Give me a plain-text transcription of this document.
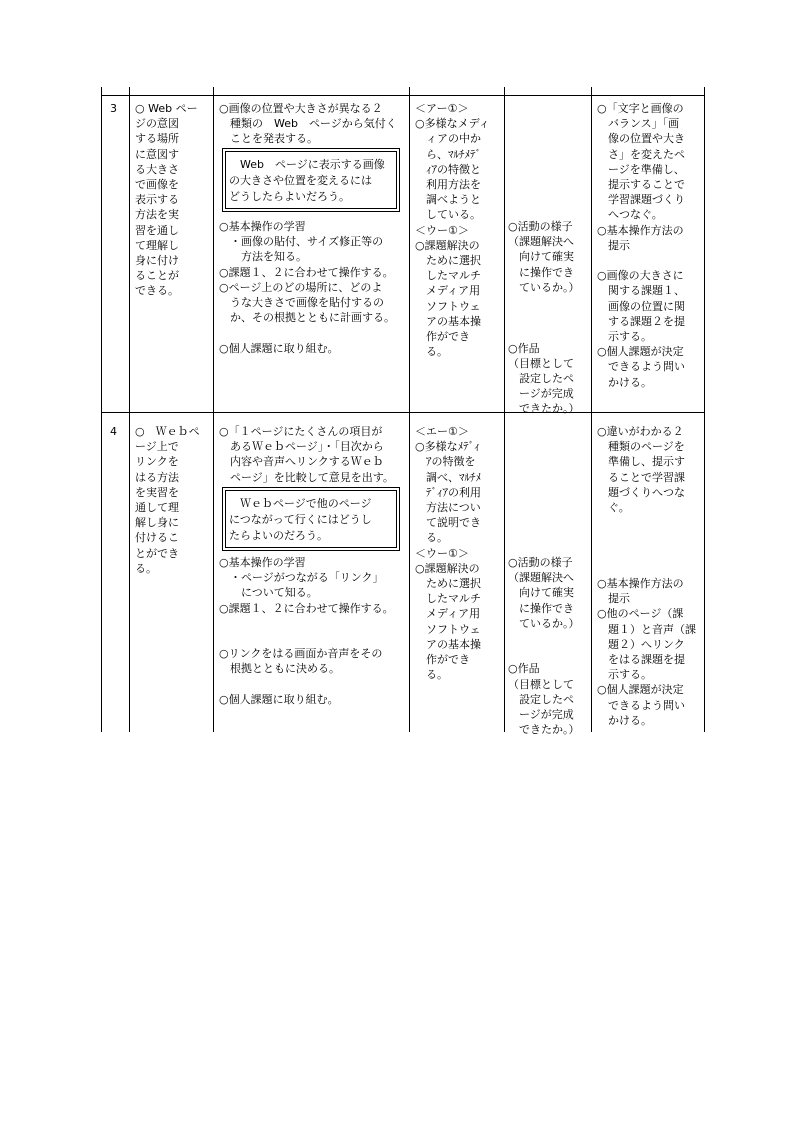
3 ○ Web ペー
ジの意図
する場所
に意図す
る大きさ
で画像を
表示する
方法を実
習を通し
て理解し
身に付け
ることが
できる。
○画像の位置や大きさが異なる２
　種類の　Web　ページから気付く
　ことを発表する。
　Web　ページに表示する画像
の大きさや位置を変えるには
どうしたらよいだろう。
○基本操作の学習
　・画像の貼付、サイズ修正等の
　　方法を知る。
○課題１、２に合わせて操作する。
○ページ上のどの場所に、どのよ
　うな大きさで画像を貼付するの
　か、その根拠とともに計画する。

○個人課題に取り組む。
＜アー①＞
○多様なメディ
　ィアの中か
　ら、ﾏﾙﾁﾒﾃﾞ
　ｨｱの特徴と
　利用方法を
　調べようと
　している。
＜ウー①＞
○課題解決の
　ために選択
　したマルチ
　メディア用
　ソフトウェ
　アの基本操
　作ができ
　る。
○活動の様子
（課題解決へ
　向けて確実
　に操作でき
　ているか。）

○作品
（目標として
　設定したペ
　ージが完成
　できたか。）
○「文字と画像の
　バランス」「画
　像の位置や大き
　さ」を変えたペ
　ージを準備し、
　提示することで
　学習課題づくり
　へつなぐ。
○基本操作方法の
　提示

○画像の大きさに
　関する課題１、
　画像の位置に関
　する課題２を提
　示する。
○個人課題が決定
　できるよう問い
　かける。
4 ○　Ｗｅｂペ
ージ上で
リンクを
はる方法
を実習を
通して理
解し身に
付けるこ
とができ
る。
○「１ページにたくさんの項目が
　あるＷｅｂページ」・「目次から
　内容や音声へリンクするＷｅｂ
　ページ」を比較して意見を出す。
　Ｗｅｂページで他のページ
につながって行くにはどうし
たらよいのだろう。
○基本操作の学習
　・ページがつながる「リンク」
　　について知る。
○課題１、２に合わせて操作する。

○リンクをはる画面か音声をその
　根拠とともに決める。

○個人課題に取り組む。
＜エー①＞
○多様なﾒﾃﾞｨ
　ｱの特徴を
　調べ、ﾏﾙﾁﾒ
　ﾃﾞｨｱの利用
　方法につい
　て説明でき
　る。
＜ウー①＞
○課題解決の
　ために選択
　したマルチ
　メディア用
　ソフトウェ
　アの基本操
　作ができ
　る。
○活動の様子
（課題解決へ
　向けて確実
　に操作でき
　ているか。）

○作品
（目標として
　設定したペ
　ージが完成
　できたか。）
○違いがわかる２
　種類のページを
　準備し、提示す
　ることで学習課
　題づくりへつな
　ぐ。

○基本操作方法の
　提示
○他のページ（課
　題１）と音声（課
　題２）へリンク
　をはる課題を提
　示する。
○個人課題が決定
　できるよう問い
　かける。
